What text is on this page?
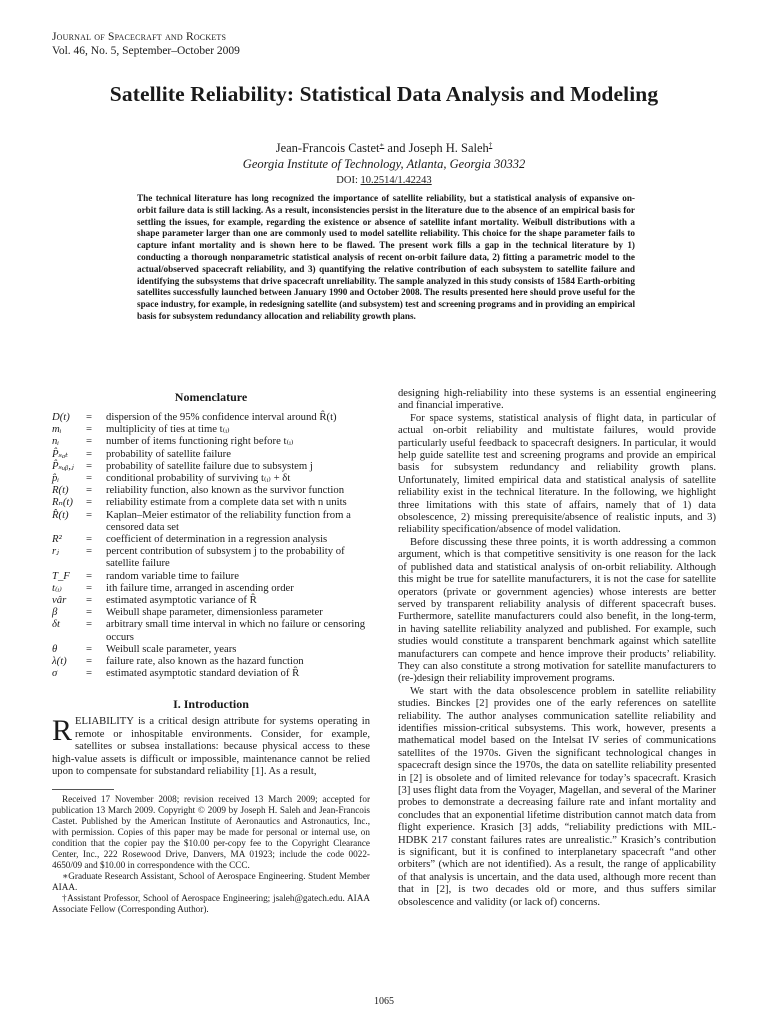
Journal of Spacecraft and Rockets
Vol. 46, No. 5, September–October 2009
Satellite Reliability: Statistical Data Analysis and Modeling
Jean-Francois Castet∗ and Joseph H. Saleh†
Georgia Institute of Technology, Atlanta, Georgia 30332
DOI: 10.2514/1.42243
The technical literature has long recognized the importance of satellite reliability, but a statistical analysis of expansive on-orbit failure data is still lacking. As a result, inconsistencies persist in the literature due to the absence of an empirical basis for settling the issues, for example, regarding the existence or absence of satellite infant mortality. Weibull distributions with a shape parameter larger than one are commonly used to model satellite reliability. This choice for the shape parameter fails to capture infant mortality and is shown here to be flawed. The present work fills a gap in the technical literature by 1) conducting a thorough nonparametric statistical analysis of recent on-orbit failure data, 2) fitting a parametric model to the actual/observed spacecraft reliability, and 3) quantifying the relative contribution of each subsystem to satellite failure and identifying the subsystems that drive spacecraft unreliability. The sample analyzed in this study consists of 1584 Earth-orbiting satellites successfully launched between January 1990 and October 2008. The results presented here should prove useful for the space industry, for example, in redesigning satellite (and subsystem) test and screening programs and in providing an empirical basis for subsystem redundancy allocation and reliability growth plans.
Nomenclature
D(t)	=	dispersion of the 95% confidence interval around R̂(t)
mᵢ	=	multiplicity of ties at time t₍ᵢ₎
nᵢ	=	number of items functioning right before t₍ᵢ₎
P̂ₛₐₜ	=	probability of satellite failure
P̂ₛᵤᵦ,ⱼ	=	probability of satellite failure due to subsystem j
p̂ᵢ	=	conditional probability of surviving t₍ᵢ₎ + δt
R(t)	=	reliability function, also known as the survivor function
Rₙ(t)	=	reliability estimate from a complete data set with n units
R̂(t)	=	Kaplan–Meier estimator of the reliability function from a censored data set
R²	=	coefficient of determination in a regression analysis
rⱼ	=	percent contribution of subsystem j to the probability of satellite failure
T_F	=	random variable time to failure
t₍ᵢ₎	=	ith failure time, arranged in ascending order
vâr	=	estimated asymptotic variance of R̂
β	=	Weibull shape parameter, dimensionless parameter
δt	=	arbitrary small time interval in which no failure or censoring occurs
θ	=	Weibull scale parameter, years
λ(t)	=	failure rate, also known as the hazard function
σ	=	estimated asymptotic standard deviation of R̂
I. Introduction

RELIABILITY is a critical design attribute for systems operating in remote or inhospitable environments. Consider, for example, satellites or subsea installations: because physical access to these high-value assets is difficult or impossible, maintenance cannot be relied upon to compensate for substandard reliability [1]. As a result,

Received 17 November 2008; revision received 13 March 2009; accepted for publication 13 March 2009. Copyright © 2009 by Joseph H. Saleh and Jean-Francois Castet. Published by the American Institute of Aeronautics and Astronautics, Inc., with permission. Copies of this paper may be made for personal or internal use, on condition that the copier pay the $10.00 per-copy fee to the Copyright Clearance Center, Inc., 222 Rosewood Drive, Danvers, MA 01923; include the code 0022-4650/09 and $10.00 in correspondence with the CCC.

∗Graduate Research Assistant, School of Aerospace Engineering. Student Member AIAA.

†Assistant Professor, School of Aerospace Engineering; jsaleh@gatech.edu. AIAA Associate Fellow (Corresponding Author).

designing high-reliability into these systems is an essential engineering and financial imperative.

For space systems, statistical analysis of flight data, in particular of actual on-orbit reliability and multistate failures, would provide particularly useful feedback to spacecraft designers. In particular, it would help guide satellite test and screening programs and provide an empirical basis for subsystem redundancy and reliability growth plans. Unfortunately, limited empirical data and statistical analysis of satellite reliability exist in the technical literature. In the following, we highlight three limitations with this state of affairs, namely that of 1) data obsolescence, 2) missing prerequisite/absence of realistic inputs, and 3) reliability specification/absence of model validation.

Before discussing these three points, it is worth addressing a common argument, which is that competitive sensitivity is one reason for the lack of published data and statistical analysis of on-orbit reliability. Although this might be true for satellite manufacturers, it is not the case for satellite operators (private or government agencies) whose interests are better served by transparent reliability analysis of different spacecraft buses. Furthermore, satellite manufacturers could also benefit, in the long-term, in having satellite reliability analyzed and published. For example, such studies would constitute a transparent benchmark against which satellite manufacturers can compete and hence improve their products’ reliability. They can also constitute a strong motivation for satellite manufacturers to (re-)design their reliability improvement programs.

We start with the data obsolescence problem in satellite reliability studies. Binckes [2] provides one of the early references on satellite reliability. The author analyses communication satellite reliability and identifies mission-critical subsystems. This work, however, presents a mathematical model based on the Intelsat IV series of communications satellites of the 1970s. Given the significant technological changes in spacecraft design since the 1970s, the data on satellite reliability presented in [2] is obsolete and of limited relevance for today’s spacecraft. Krasich [3] uses flight data from the Voyager, Magellan, and several of the Mariner probes to demonstrate a decreasing failure rate and infant mortality and concludes that an exponential lifetime distribution cannot match data from flight experience. Krasich [3] adds, “reliability predictions with MIL-HDBK 217 constant failures rates are unrealistic.” Krasich’s contribution is significant, but it is confined to interplanetary spacecraft “and other orbiters” (which are not identified). As a result, the range of applicability of that analysis is uncertain, and the data used, although more recent than that in [2], is two decades old or more, and thus suffers similar obsolescence and validity (or lack of) concerns.

1065
